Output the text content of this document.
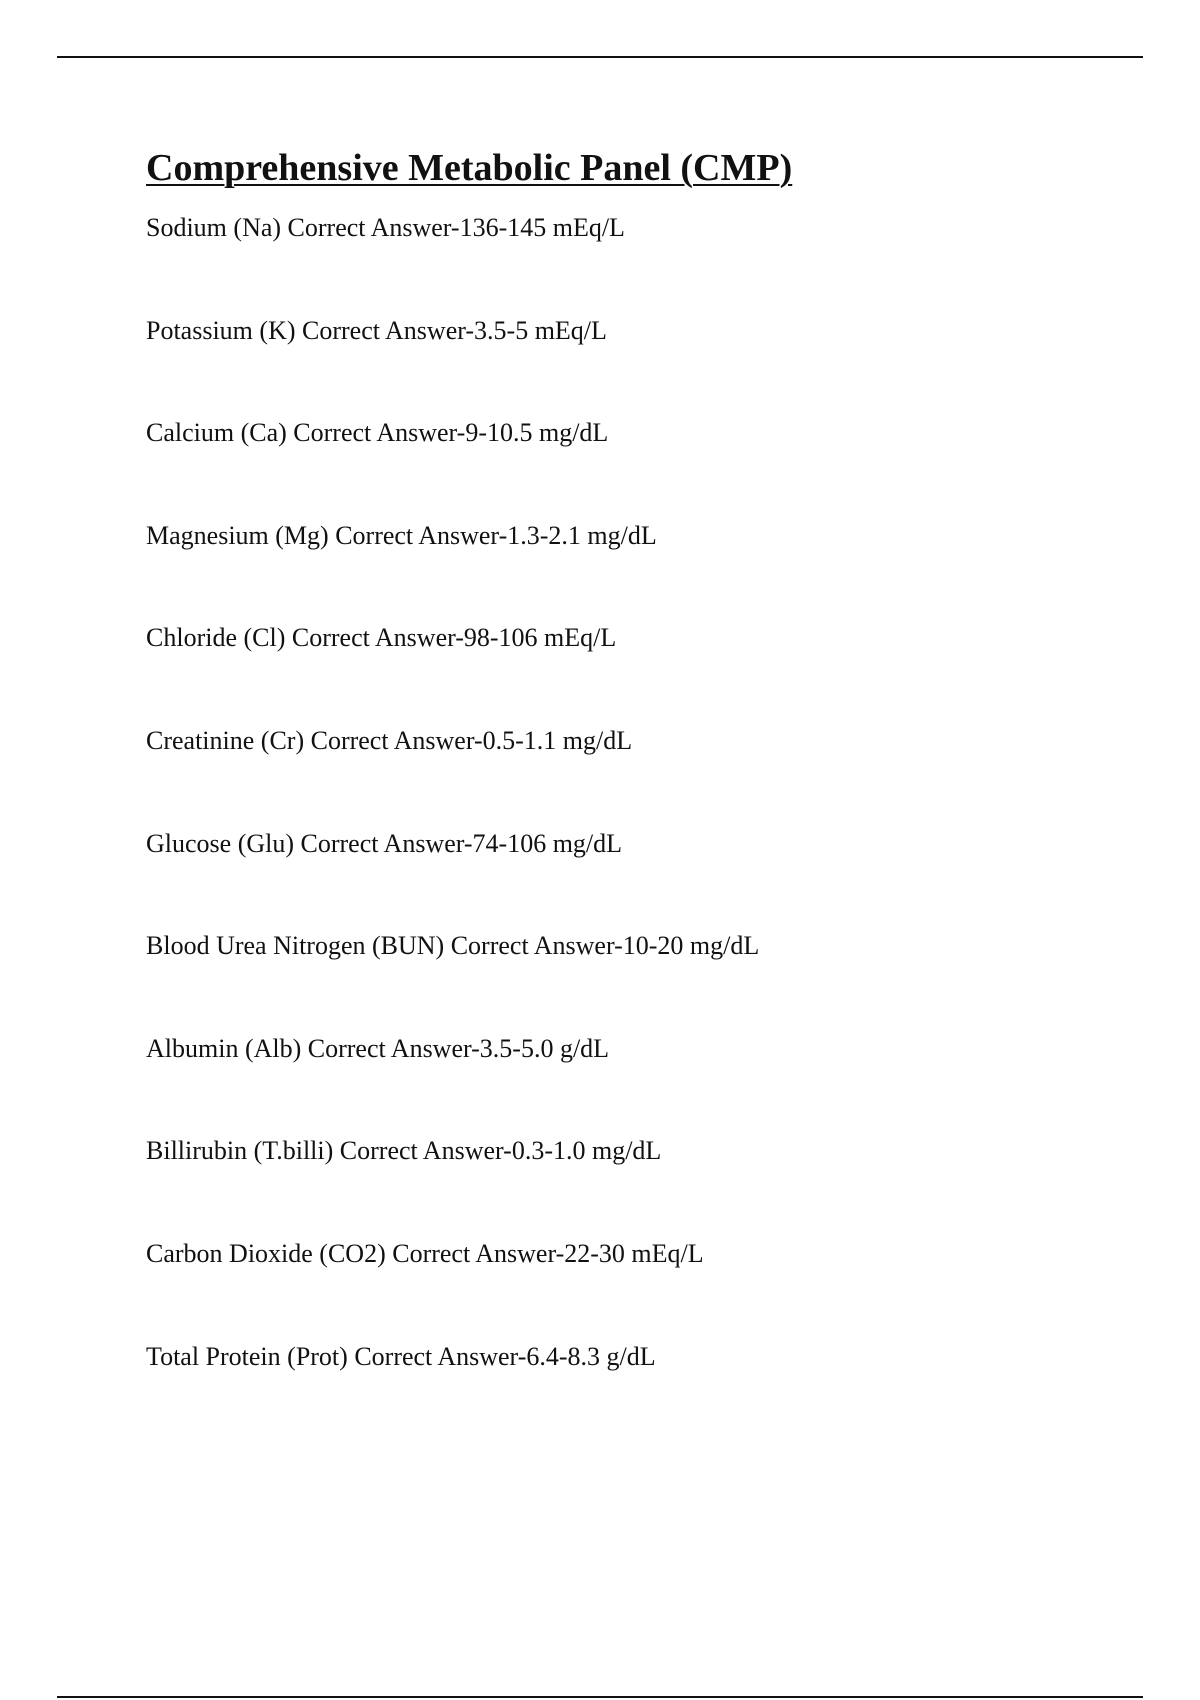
Comprehensive Metabolic Panel (CMP)
Sodium (Na) Correct Answer-136-145 mEq/L
Potassium (K) Correct Answer-3.5-5 mEq/L
Calcium (Ca) Correct Answer-9-10.5 mg/dL
Magnesium (Mg) Correct Answer-1.3-2.1 mg/dL
Chloride (Cl) Correct Answer-98-106 mEq/L
Creatinine (Cr) Correct Answer-0.5-1.1 mg/dL
Glucose (Glu) Correct Answer-74-106 mg/dL
Blood Urea Nitrogen (BUN) Correct Answer-10-20 mg/dL
Albumin (Alb) Correct Answer-3.5-5.0 g/dL
Billirubin (T.billi) Correct Answer-0.3-1.0 mg/dL
Carbon Dioxide (CO2) Correct Answer-22-30 mEq/L
Total Protein (Prot) Correct Answer-6.4-8.3 g/dL
